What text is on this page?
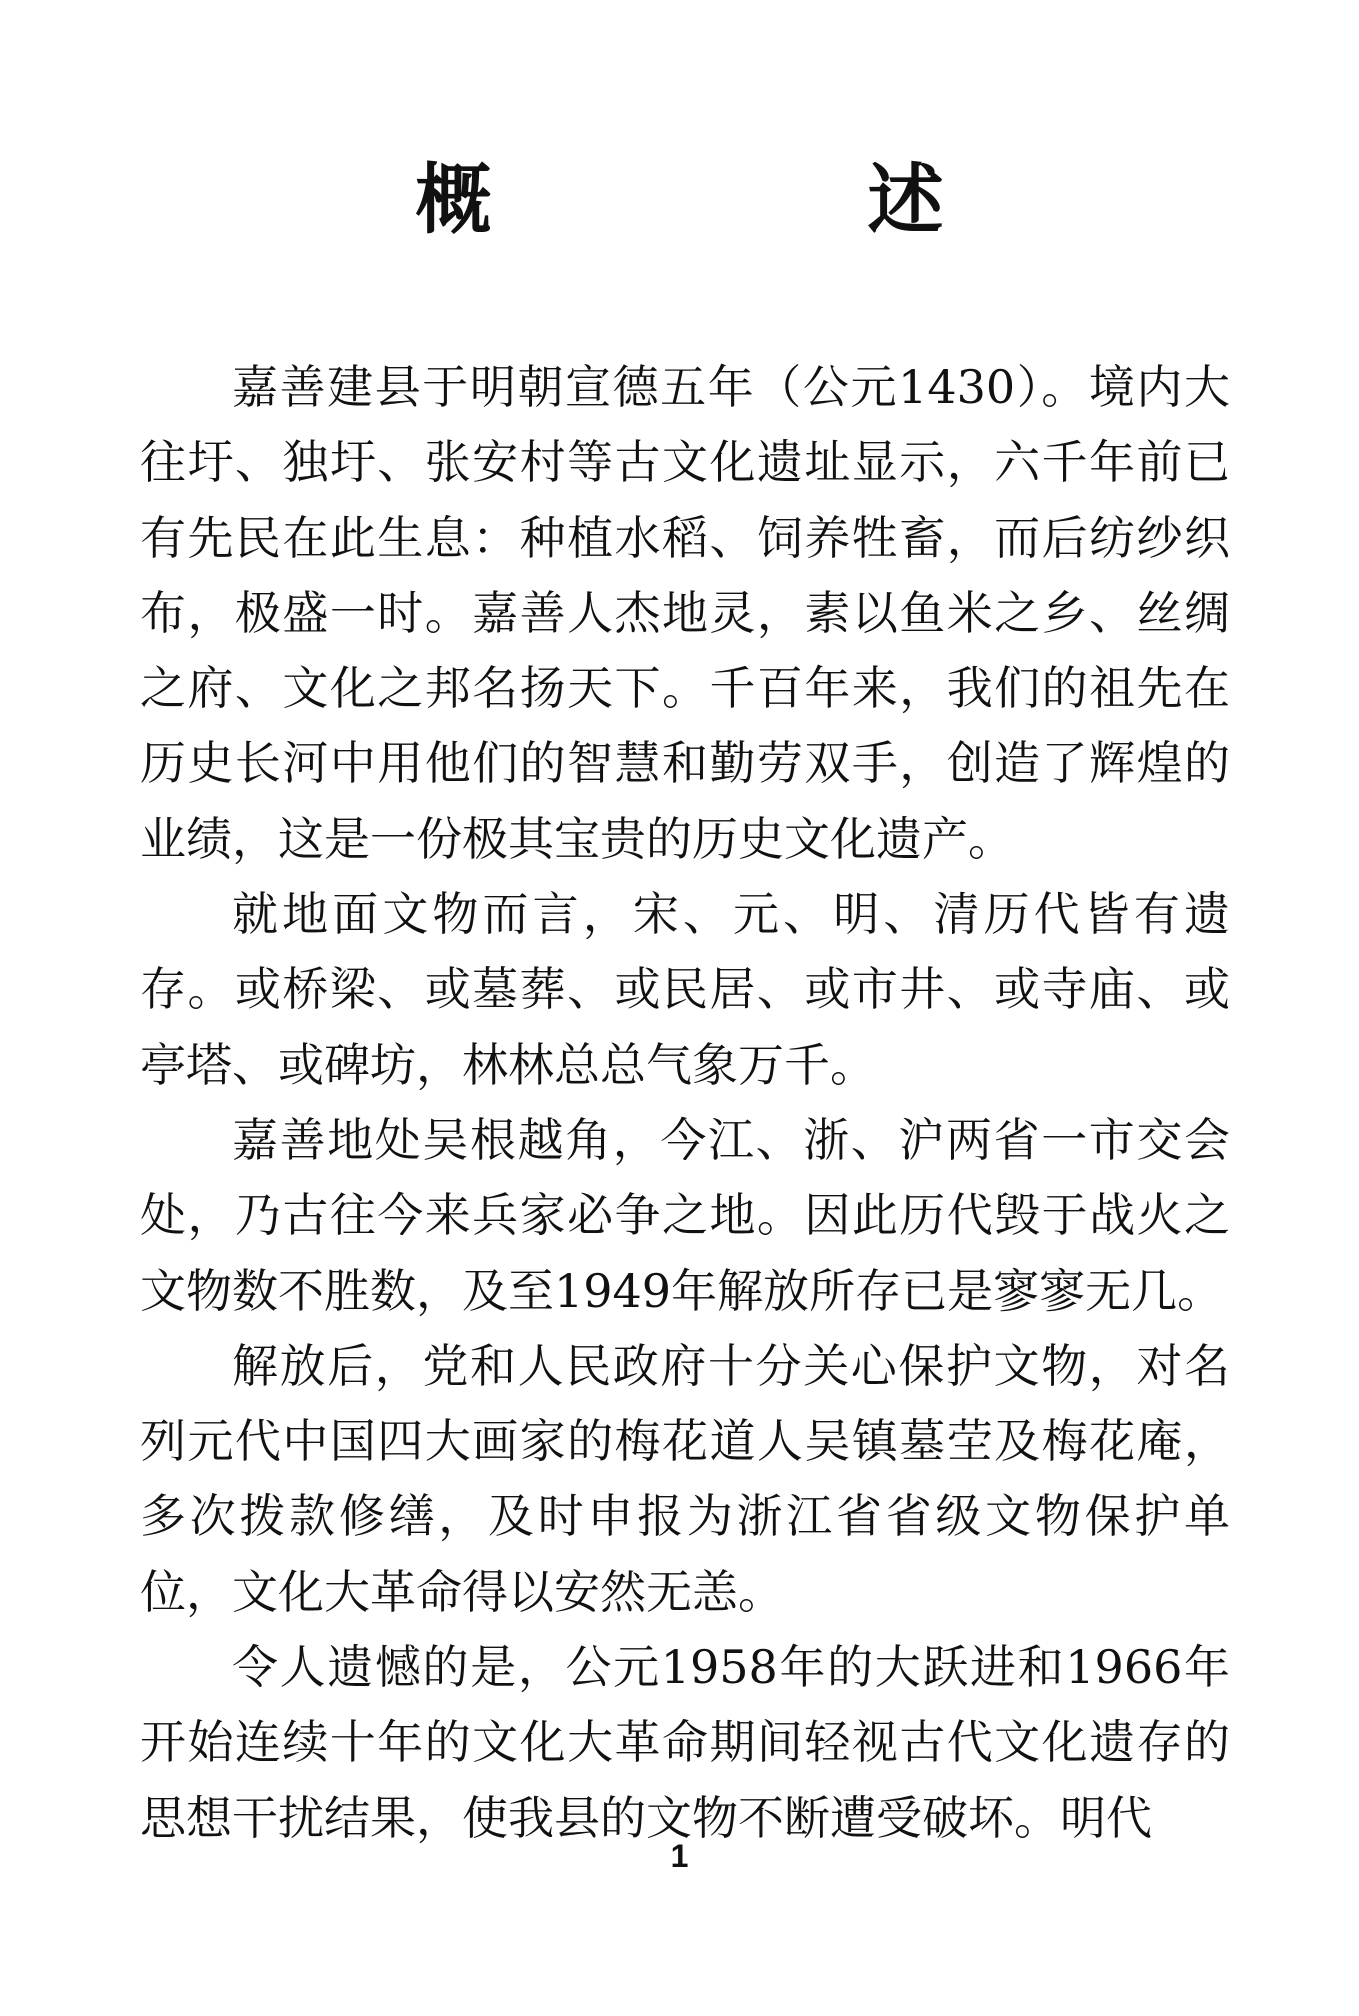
概　述

嘉善建县于明朝宣德五年（公元1430）。境内大往圩、独圩、张安村等古文化遗址显示，六千年前已有先民在此生息：种植水稻、饲养牲畜，而后纺纱织布，极盛一时。嘉善人杰地灵，素以鱼米之乡、丝绸之府、文化之邦名扬天下。千百年来，我们的祖先在历史长河中用他们的智慧和勤劳双手，创造了辉煌的业绩，这是一份极其宝贵的历史文化遗产。

就地面文物而言，宋、元、明、清历代皆有遗存。或桥梁、或墓葬、或民居、或市井、或寺庙、或亭塔、或碑坊，林林总总气象万千。

嘉善地处吴根越角，今江、浙、沪两省一市交会处，乃古往今来兵家必争之地。因此历代毁于战火之文物数不胜数，及至1949年解放所存已是寥寥无几。

解放后，党和人民政府十分关心保护文物，对名列元代中国四大画家的梅花道人吴镇墓茔及梅花庵，多次拨款修缮，及时申报为浙江省省级文物保护单位，文化大革命得以安然无恙。

令人遗憾的是，公元1958年的大跃进和1966年开始连续十年的文化大革命期间轻视古代文化遗存的思想干扰结果，使我县的文物不断遭受破坏。明代

1
